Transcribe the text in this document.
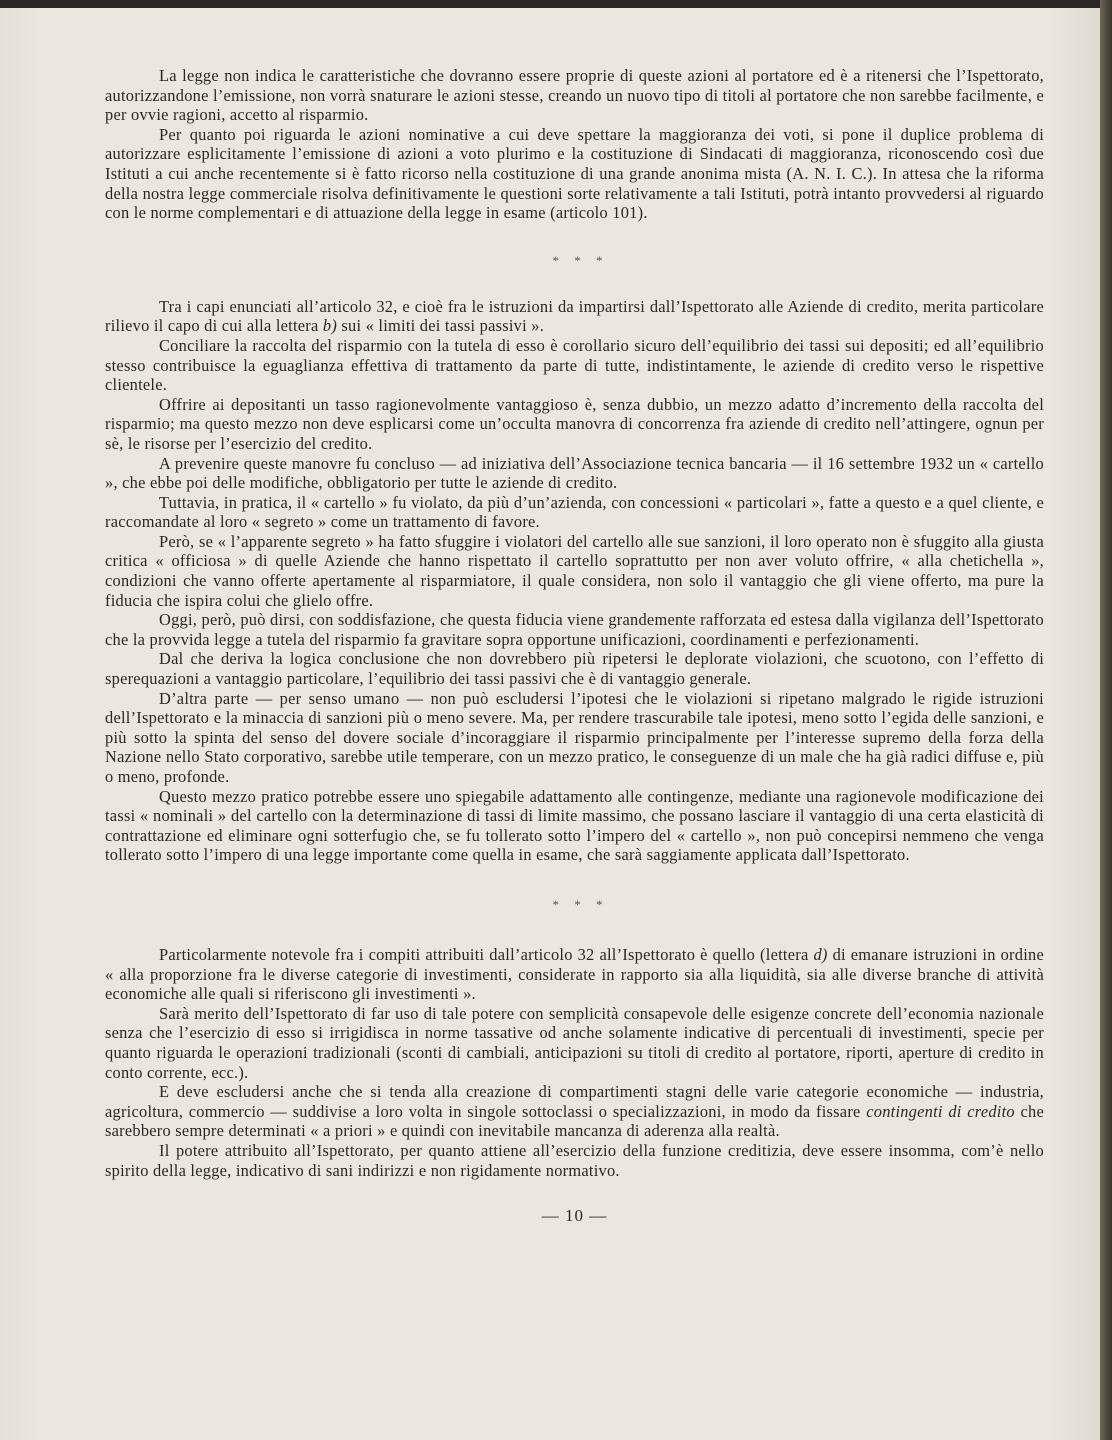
La legge non indica le caratteristiche che dovranno essere proprie di queste azioni al portatore ed è a ritenersi che l’Ispettorato, autorizzandone l’emissione, non vorrà snaturare le azioni stesse, creando un nuovo tipo di titoli al portatore che non sarebbe facilmente, e per ovvie ragioni, accetto al risparmio.

Per quanto poi riguarda le azioni nominative a cui deve spettare la maggioranza dei voti, si pone il duplice problema di autorizzare esplicitamente l’emissione di azioni a voto plurimo e la costituzione di Sindacati di maggioranza, riconoscendo così due Istituti a cui anche recentemente si è fatto ricorso nella costituzione di una grande anonima mista (A. N. I. C.). In attesa che la riforma della nostra legge commerciale risolva definitivamente le questioni sorte relativamente a tali Istituti, potrà intanto provvedersi al riguardo con le norme complementari e di attuazione della legge in esame (articolo 101).

* * *

Tra i capi enunciati all’articolo 32, e cioè fra le istruzioni da impartirsi dall’Ispettorato alle Aziende di credito, merita particolare rilievo il capo di cui alla lettera b) sui « limiti dei tassi passivi ».

Conciliare la raccolta del risparmio con la tutela di esso è corollario sicuro dell’equilibrio dei tassi sui depositi; ed all’equilibrio stesso contribuisce la eguaglianza effettiva di trattamento da parte di tutte, indistintamente, le aziende di credito verso le rispettive clientele.

Offrire ai depositanti un tasso ragionevolmente vantaggioso è, senza dubbio, un mezzo adatto d’incremento della raccolta del risparmio; ma questo mezzo non deve esplicarsi come un’occulta manovra di concorrenza fra aziende di credito nell’attingere, ognun per sè, le risorse per l’esercizio del credito.

A prevenire queste manovre fu concluso — ad iniziativa dell’Associazione tecnica bancaria — il 16 settembre 1932 un « cartello », che ebbe poi delle modifiche, obbligatorio per tutte le aziende di credito.

Tuttavia, in pratica, il « cartello » fu violato, da più d’un’azienda, con concessioni « particolari », fatte a questo e a quel cliente, e raccomandate al loro « segreto » come un trattamento di favore.

Però, se « l’apparente segreto » ha fatto sfuggire i violatori del cartello alle sue sanzioni, il loro operato non è sfuggito alla giusta critica « officiosa » di quelle Aziende che hanno rispettato il cartello soprattutto per non aver voluto offrire, « alla chetichella », condizioni che vanno offerte apertamente al risparmiatore, il quale considera, non solo il vantaggio che gli viene offerto, ma pure la fiducia che ispira colui che glielo offre.

Oggi, però, può dirsi, con soddisfazione, che questa fiducia viene grandemente rafforzata ed estesa dalla vigilanza dell’Ispettorato che la provvida legge a tutela del risparmio fa gravitare sopra opportune unificazioni, coordinamenti e perfezionamenti.

Dal che deriva la logica conclusione che non dovrebbero più ripetersi le deplorate violazioni, che scuotono, con l’effetto di sperequazioni a vantaggio particolare, l’equilibrio dei tassi passivi che è di vantaggio generale.

D’altra parte — per senso umano — non può escludersi l’ipotesi che le violazioni si ripetano malgrado le rigide istruzioni dell’Ispettorato e la minaccia di sanzioni più o meno severe. Ma, per rendere trascurabile tale ipotesi, meno sotto l’egida delle sanzioni, e più sotto la spinta del senso del dovere sociale d’incoraggiare il risparmio principalmente per l’interesse supremo della forza della Nazione nello Stato corporativo, sarebbe utile temperare, con un mezzo pratico, le conseguenze di un male che ha già radici diffuse e, più o meno, profonde.

Questo mezzo pratico potrebbe essere uno spiegabile adattamento alle contingenze, mediante una ragionevole modificazione dei tassi « nominali » del cartello con la determinazione di tassi di limite massimo, che possano lasciare il vantaggio di una certa elasticità di contrattazione ed eliminare ogni sotterfugio che, se fu tollerato sotto l’impero del « cartello », non può concepirsi nemmeno che venga tollerato sotto l’impero di una legge importante come quella in esame, che sarà saggiamente applicata dall’Ispettorato.

* * *

Particolarmente notevole fra i compiti attribuiti dall’articolo 32 all’Ispettorato è quello (lettera d) di emanare istruzioni in ordine « alla proporzione fra le diverse categorie di investimenti, considerate in rapporto sia alla liquidità, sia alle diverse branche di attività economiche alle quali si riferiscono gli investimenti ».

Sarà merito dell’Ispettorato di far uso di tale potere con semplicità consapevole delle esigenze concrete dell’economia nazionale senza che l’esercizio di esso si irrigidisca in norme tassative od anche solamente indicative di percentuali di investimenti, specie per quanto riguarda le operazioni tradizionali (sconti di cambiali, anticipazioni su titoli di credito al portatore, riporti, aperture di credito in conto corrente, ecc.).

E deve escludersi anche che si tenda alla creazione di compartimenti stagni delle varie categorie economiche — industria, agricoltura, commercio — suddivise a loro volta in singole sottoclassi o specializzazioni, in modo da fissare contingenti di credito che sarebbero sempre determinati « a priori » e quindi con inevitabile mancanza di aderenza alla realtà.

Il potere attribuito all’Ispettorato, per quanto attiene all’esercizio della funzione creditizia, deve essere insomma, com’è nello spirito della legge, indicativo di sani indirizzi e non rigidamente normativo.

— 10 —
